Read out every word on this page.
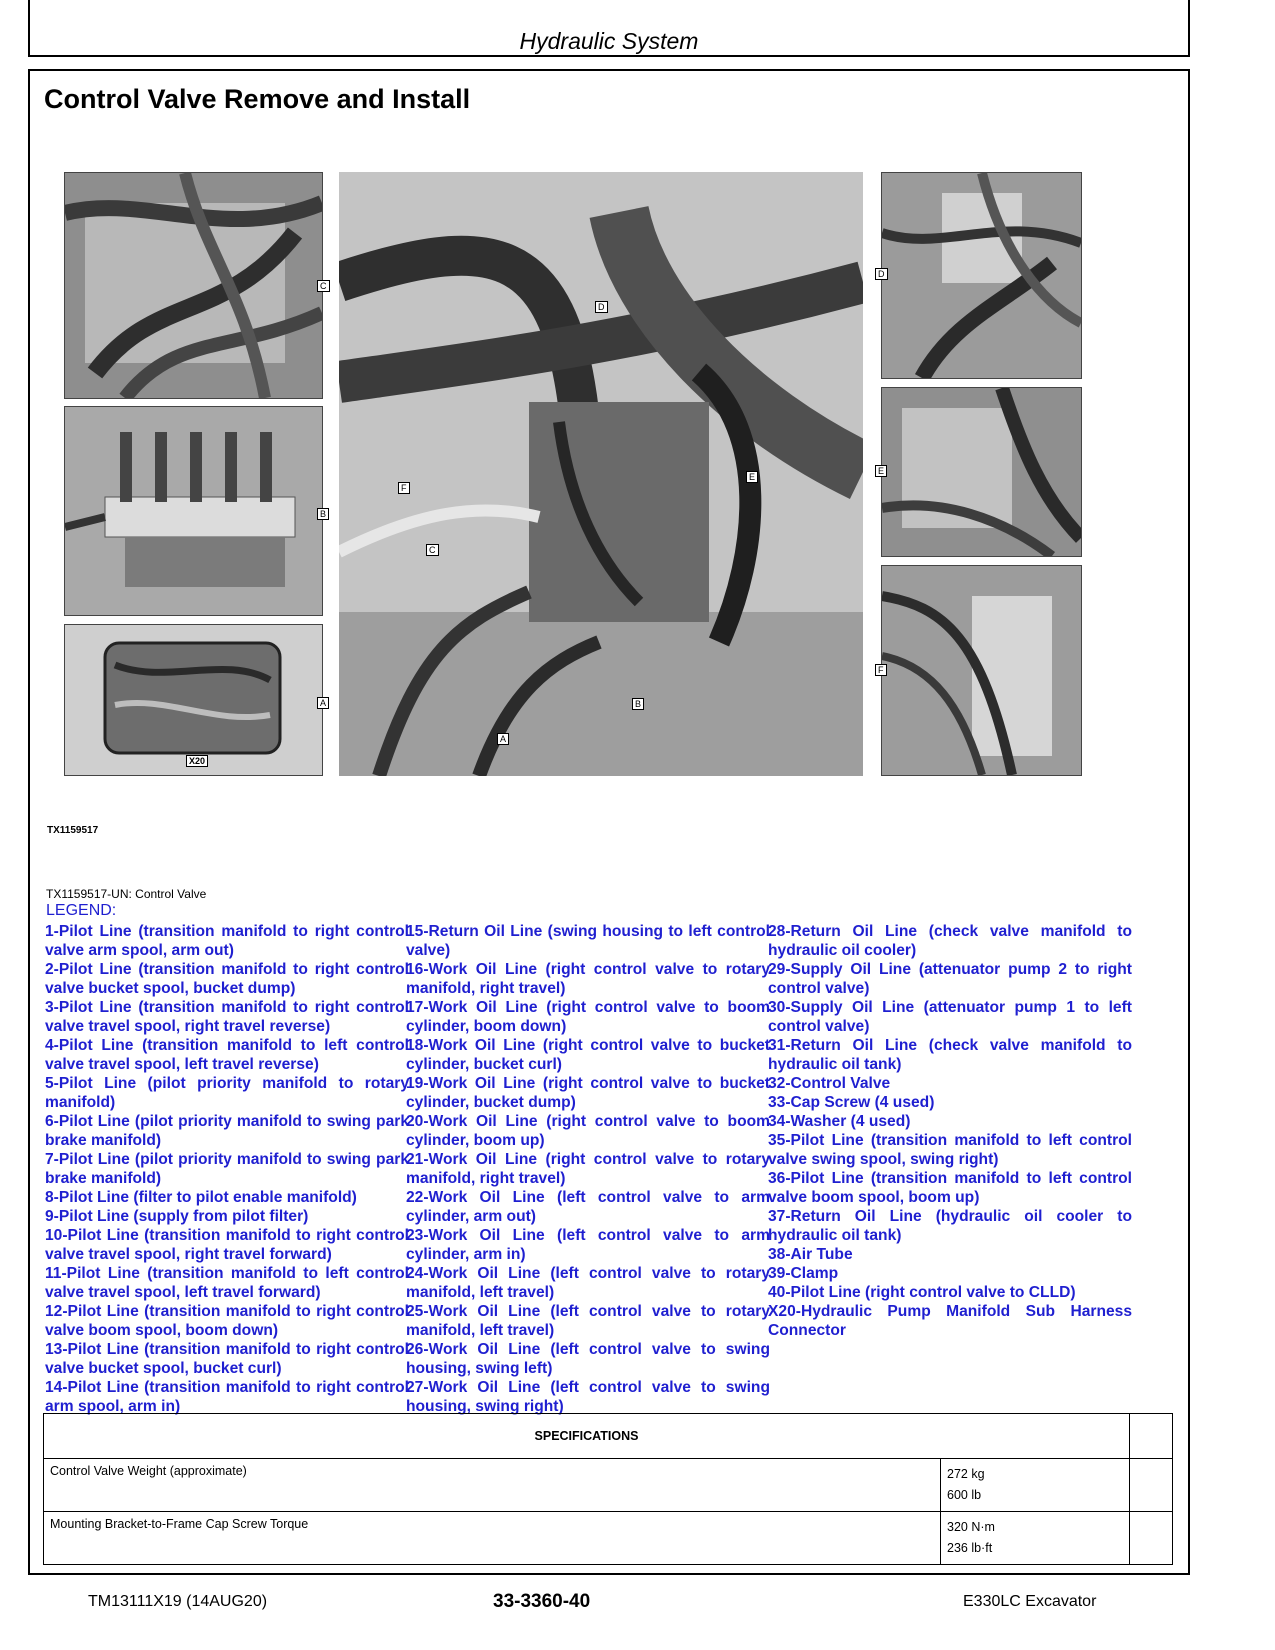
Hydraulic System
Control Valve Remove and Install
C
B
A
X20
D
E
F
C
B
A
D
E
F
TX1159517
TX1159517-UN: Control Valve
LEGEND:

1-Pilot Line (transition manifold to right control valve arm spool, arm out)

2-Pilot Line (transition manifold to right control valve bucket spool, bucket dump)

3-Pilot Line (transition manifold to right control valve travel spool, right travel reverse)

4-Pilot Line (transition manifold to left control valve travel spool, left travel reverse)

5-Pilot Line (pilot priority manifold to rotary manifold)

6-Pilot Line (pilot priority manifold to swing park brake manifold)

7-Pilot Line (pilot priority manifold to swing park brake manifold)

8-Pilot Line (filter to pilot enable manifold)

9-Pilot Line (supply from pilot filter)

10-Pilot Line (transition manifold to right control valve travel spool, right travel forward)

11-Pilot Line (transition manifold to left control valve travel spool, left travel forward)

12-Pilot Line (transition manifold to right control valve boom spool, boom down)

13-Pilot Line (transition manifold to right control valve bucket spool, bucket curl)

14-Pilot Line (transition manifold to right control arm spool, arm in)

15-Return Oil Line (swing housing to left control valve)

16-Work Oil Line (right control valve to rotary manifold, right travel)

17-Work Oil Line (right control valve to boom cylinder, boom down)

18-Work Oil Line (right control valve to bucket cylinder, bucket curl)

19-Work Oil Line (right control valve to bucket cylinder, bucket dump)

20-Work Oil Line (right control valve to boom cylinder, boom up)

21-Work Oil Line (right control valve to rotary manifold, right travel)

22-Work Oil Line (left control valve to arm cylinder, arm out)

23-Work Oil Line (left control valve to arm cylinder, arm in)

24-Work Oil Line (left control valve to rotary manifold, left travel)

25-Work Oil Line (left control valve to rotary manifold, left travel)

26-Work Oil Line (left control valve to swing housing, swing left)

27-Work Oil Line (left control valve to swing housing, swing right)

28-Return Oil Line (check valve manifold to hydraulic oil cooler)

29-Supply Oil Line (attenuator pump 2 to right control valve)

30-Supply Oil Line (attenuator pump 1 to left control valve)

31-Return Oil Line (check valve manifold to hydraulic oil tank)

32-Control Valve

33-Cap Screw (4 used)

34-Washer (4 used)

35-Pilot Line (transition manifold to left control valve swing spool, swing right)

36-Pilot Line (transition manifold to left control valve boom spool, boom up)

37-Return Oil Line (hydraulic oil cooler to hydraulic oil tank)

38-Air Tube

39-Clamp

40-Pilot Line (right control valve to CLLD)

X20-Hydraulic Pump Manifold Sub Harness Connector

SPECIFICATIONS		
Control Valve Weight (approximate)	272 kg
600 lb	

Mounting Bracket-to-Frame Cap Screw Torque	320 N·m
236 lb·ft	

TM13111X19 (14AUG20)	33-3360-40	E330LC Excavator
